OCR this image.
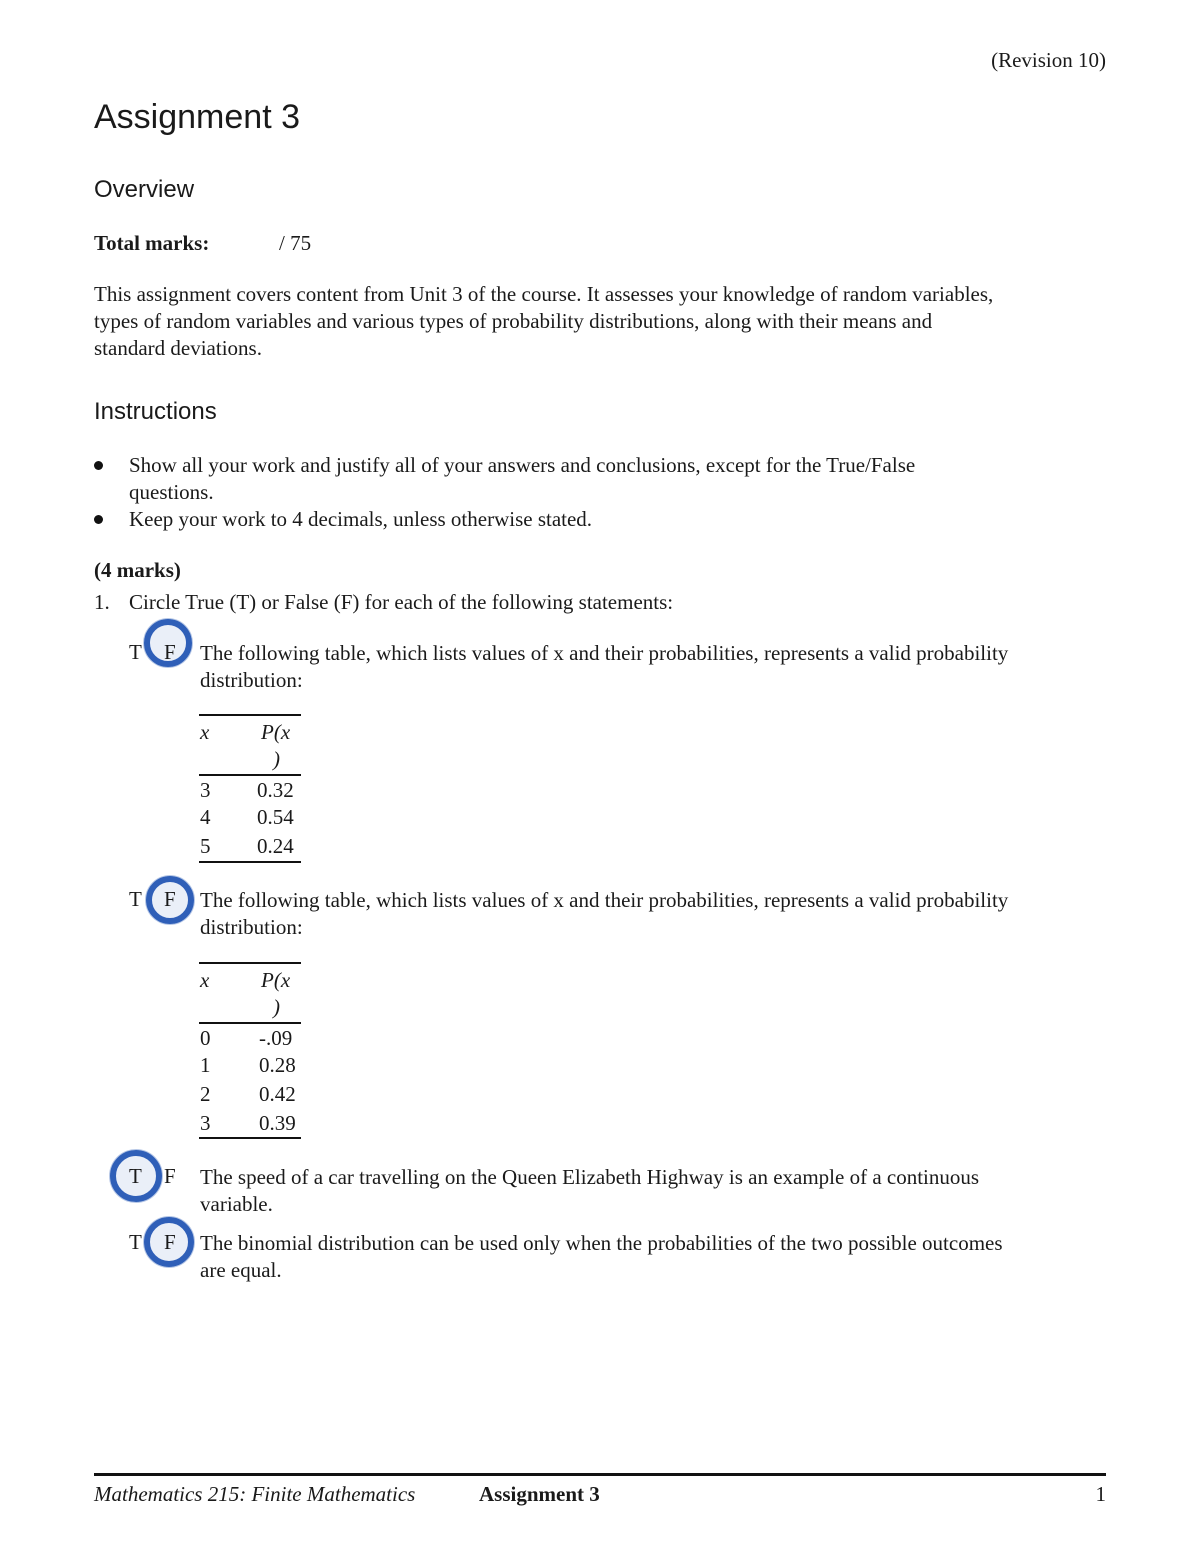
(Revision 10)
Assignment 3
Overview
Total marks:	/ 75
This assignment covers content from Unit 3 of the course. It assesses your knowledge of random variables,
types of random variables and various types of probability distributions, along with their means and
standard deviations.
Instructions
Show all your work and justify all of your answers and conclusions, except for the True/False
questions.
Keep your work to 4 decimals, unless otherwise stated.
(4 marks)
1. Circle True (T) or False (F) for each of the following statements:
T F The following table, which lists values of x and their probabilities, represents a valid probability
distribution:
x P(x
)
3 0.32
4 0.54
5 0.24
T F The following table, which lists values of x and their probabilities, represents a valid probability
distribution:
x P(x
)
0 -.09
1 0.28
2 0.42
3 0.39
T F The speed of a car travelling on the Queen Elizabeth Highway is an example of a continuous
variable.
T F The binomial distribution can be used only when the probabilities of the two possible outcomes
are equal.
Mathematics 215: Finite Mathematics	Assignment 3	1
